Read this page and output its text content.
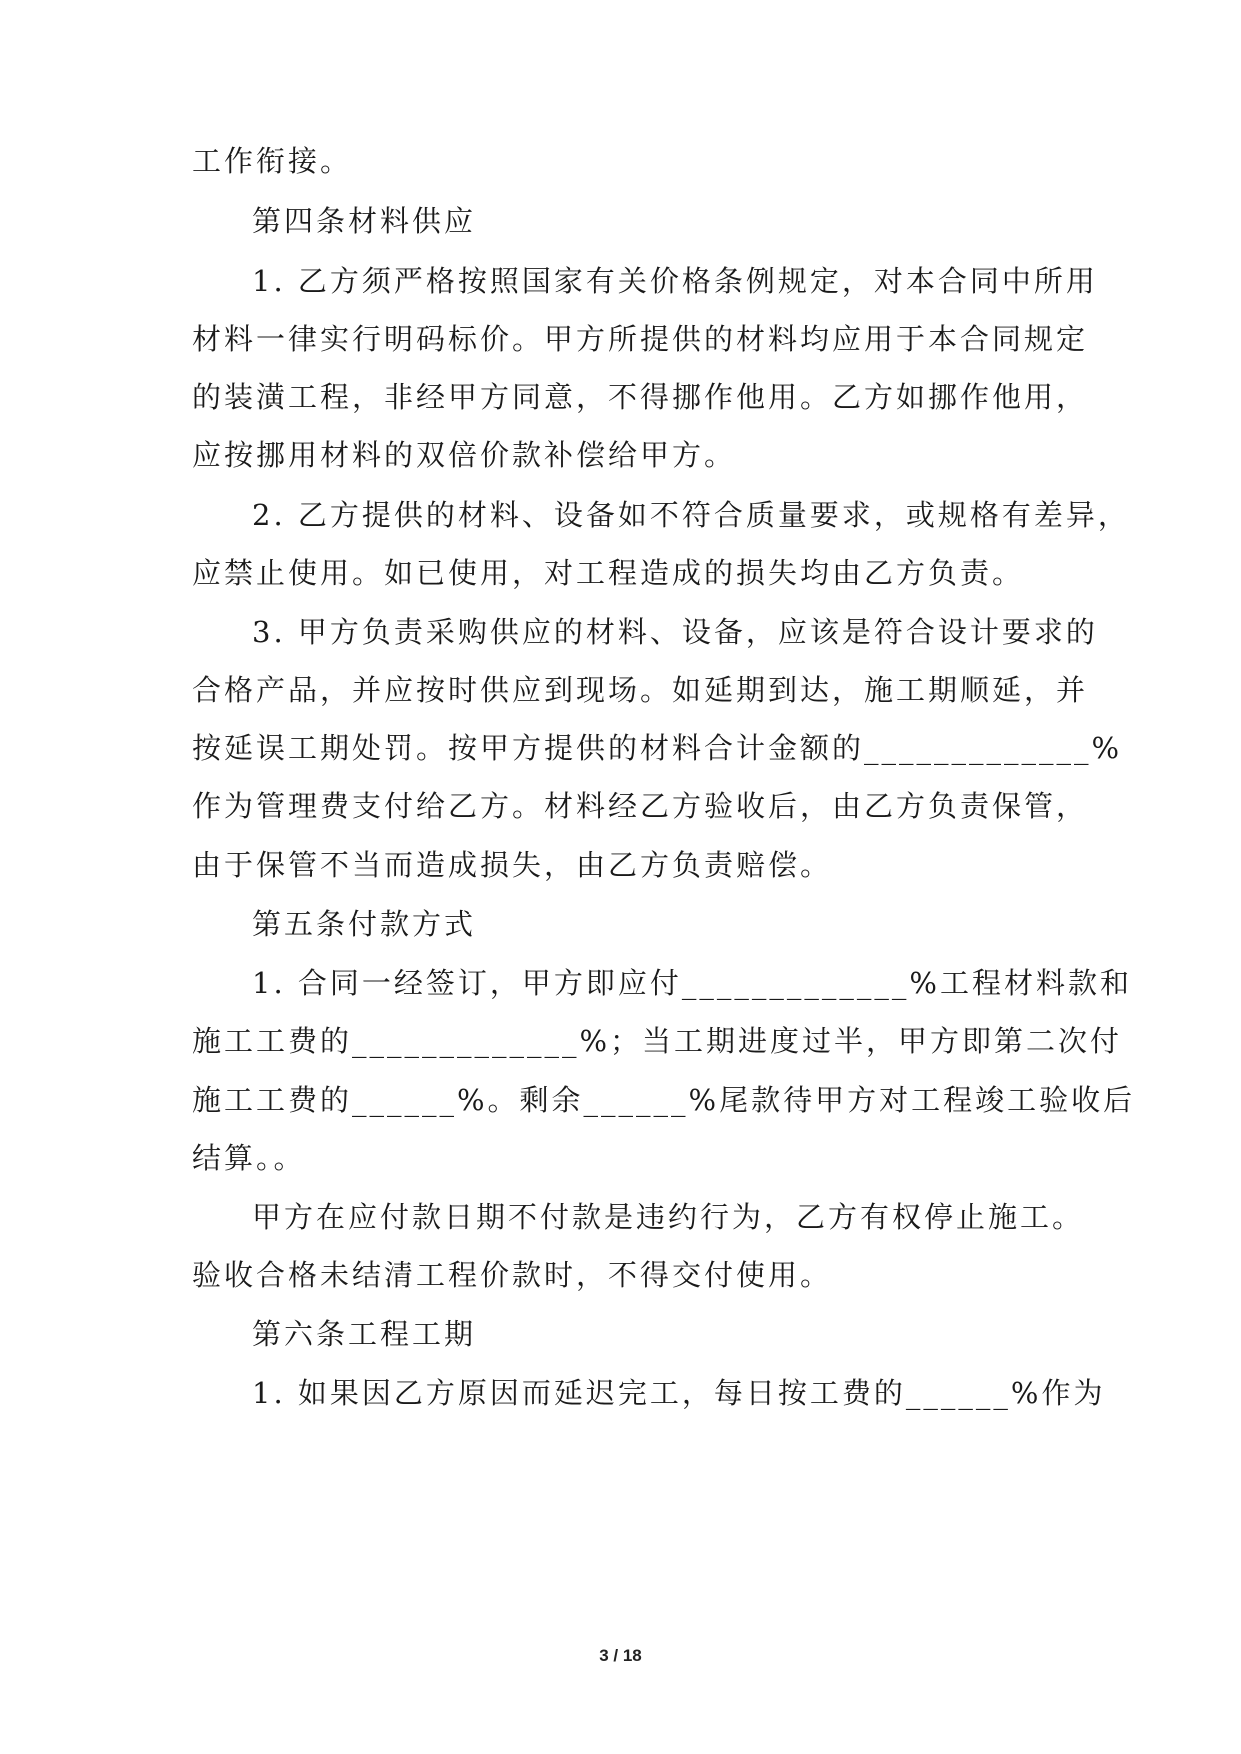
工作衔接。
第四条材料供应
1. 乙方须严格按照国家有关价格条例规定，对本合同中所用
材料一律实行明码标价。甲方所提供的材料均应用于本合同规定
的装潢工程，非经甲方同意，不得挪作他用。乙方如挪作他用，
应按挪用材料的双倍价款补偿给甲方。
2. 乙方提供的材料、设备如不符合质量要求，或规格有差异，
应禁止使用。如已使用，对工程造成的损失均由乙方负责。
3. 甲方负责采购供应的材料、设备，应该是符合设计要求的
合格产品，并应按时供应到现场。如延期到达，施工期顺延，并
按延误工期处罚。按甲方提供的材料合计金额的_____________%
作为管理费支付给乙方。材料经乙方验收后，由乙方负责保管，
由于保管不当而造成损失，由乙方负责赔偿。
第五条付款方式
1. 合同一经签订，甲方即应付_____________%工程材料款和
施工工费的_____________%；当工期进度过半，甲方即第二次付
施工工费的______%。剩余______%尾款待甲方对工程竣工验收后
结算。。
甲方在应付款日期不付款是违约行为，乙方有权停止施工。
验收合格未结清工程价款时，不得交付使用。
第六条工程工期
1. 如果因乙方原因而延迟完工，每日按工费的______%作为
3 / 18
